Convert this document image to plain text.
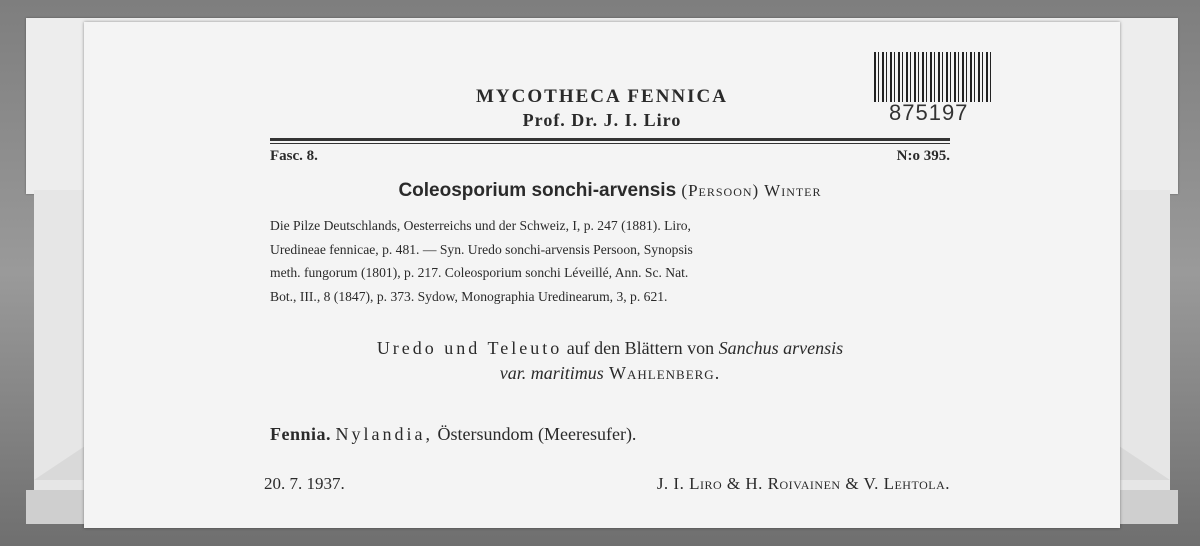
MYCOTHECA FENNICA
Prof. Dr. J. I. Liro	875197
Fasc. 8.	N:o 395.
Coleosporium sonchi-arvensis (Persoon) Winter

Die Pilze Deutschlands, Oesterreichs und der Schweiz, I, p. 247 (1881). Liro,

Uredineae fennicae, p. 481. — Syn. Uredo sonchi-arvensis Persoon, Synopsis

meth. fungorum (1801), p. 217. Coleosporium sonchi Léveillé, Ann. Sc. Nat.

Bot., III., 8 (1847), p. 373. Sydow, Monographia Uredinearum, 3, p. 621.

Uredo und Teleuto auf den Blättern von Sanchus arvensis

var. maritimus Wahlenberg.

Fennia. Nylandia, Östersundom (Meeresufer).
20. 7. 1937.	J. I. Liro & H. Roivainen & V. Lehtola.
